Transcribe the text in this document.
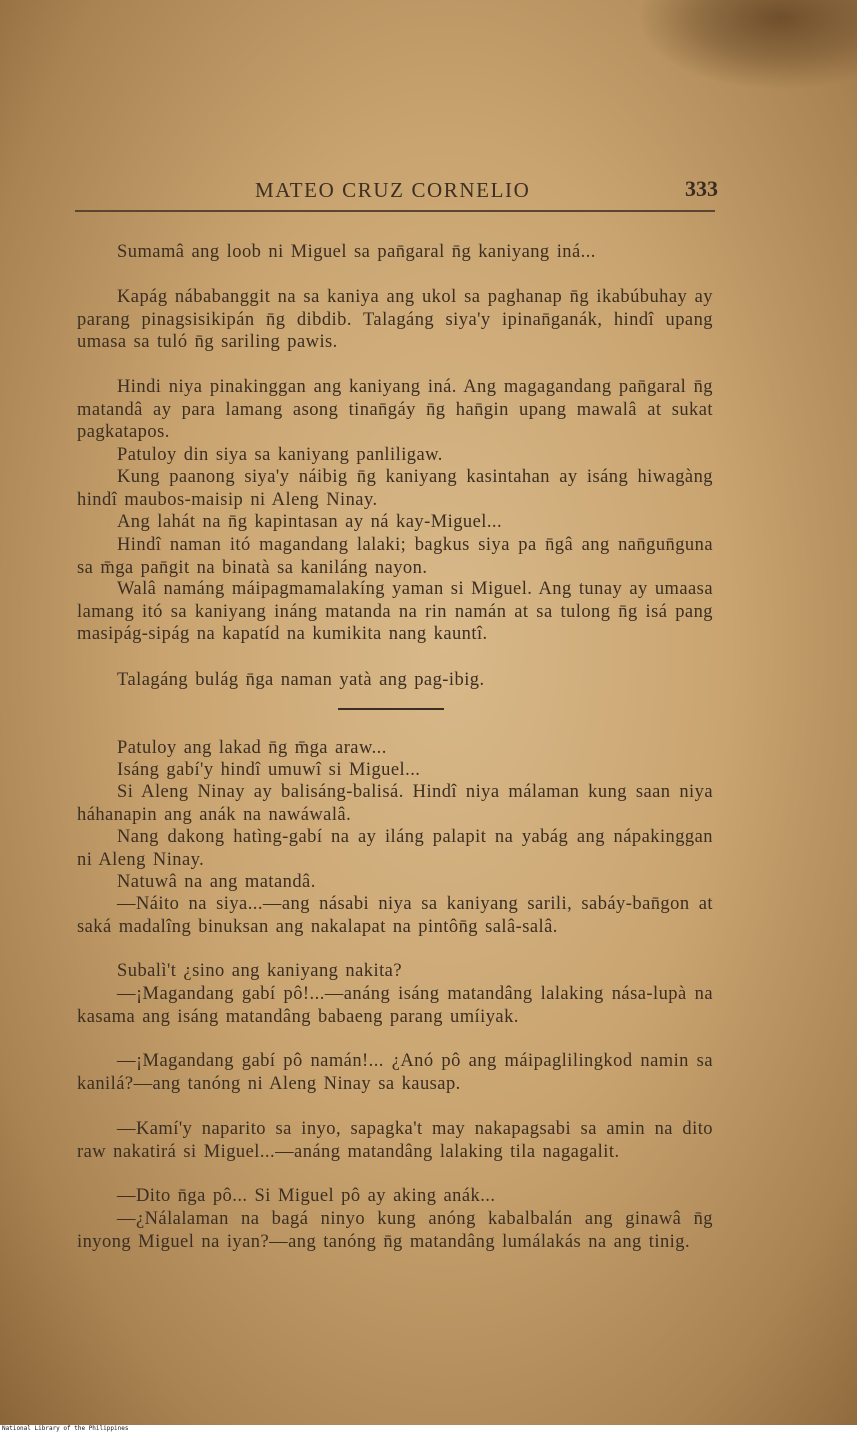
MATEO CRUZ CORNELIO	333

Sumamâ ang loob ni Miguel sa pan̄garal n̄g kaniyang iná...

Kapág nábabanggit na sa kaniya ang ukol sa paghanap n̄g ikabúbuhay ay parang pinagsisikipán n̄g dibdib. Talagáng siya'y ipinan̄ganák, hindî upang umasa sa tuló n̄g sariling pawis.

Hindi niya pinakinggan ang kaniyang iná. Ang magagandang pan̄garal n̄g matandâ ay para lamang asong tinan̄gáy n̄g han̄gin upang mawalâ at sukat pagkatapos.

Patuloy din siya sa kaniyang panliligaw.

Kung paanong siya'y náibig n̄g kaniyang kasintahan ay isáng hiwagàng hindî maubos-maisip ni Aleng Ninay.

Ang lahát na n̄g kapintasan ay ná kay-Miguel...

Hindî naman itó magandang lalaki; bagkus siya pa n̄gâ ang nan̄gun̄guna sa m̄ga pan̄git na binatà sa kaniláng nayon.

Walâ namáng máipagmamalakíng yaman si Miguel. Ang tunay ay umaasa lamang itó sa kaniyang ináng matanda na rin namán at sa tulong n̄g isá pang masipág-sipág na kapatíd na kumikita nang kauntî.

Talagáng bulág n̄ga naman yatà ang pag-ibig.

Patuloy ang lakad n̄g m̄ga araw...

Isáng gabí'y hindî umuwî si Miguel...

Si Aleng Ninay ay balisáng-balisá. Hindî niya málaman kung saan niya háhanapin ang anák na nawáwalâ.

Nang dakong hatìng-gabí na ay iláng palapit na yabág ang nápakinggan ni Aleng Ninay.

Natuwâ na ang matandâ.

—Náito na siya...—ang násabi niya sa kaniyang sarili, sabáy-ban̄gon at saká madalîng binuksan ang nakalapat na pintôn̄g salâ-salâ.

Subalì't ¿sino ang kaniyang nakita?

—¡Magandang gabí pô!...—anáng isáng matandâng lalaking nása-lupà na kasama ang isáng matandâng babaeng parang umíiyak.

—¡Magandang gabí pô namán!... ¿Anó pô ang máipaglilingkod namin sa kanilá?—ang tanóng ni Aleng Ninay sa kausap.

—Kamí'y naparito sa inyo, sapagka't may nakapagsabi sa amin na dito raw nakatirá si Miguel...—anáng matandâng lalaking tila nagagalit.

—Dito n̄ga pô... Si Miguel pô ay aking anák...

—¿Nálalaman na bagá ninyo kung anóng kabalbalán ang ginawâ n̄g inyong Miguel na iyan?—ang tanóng n̄g matandâng lumálakás na ang tinig.

National Library of the Philippines
